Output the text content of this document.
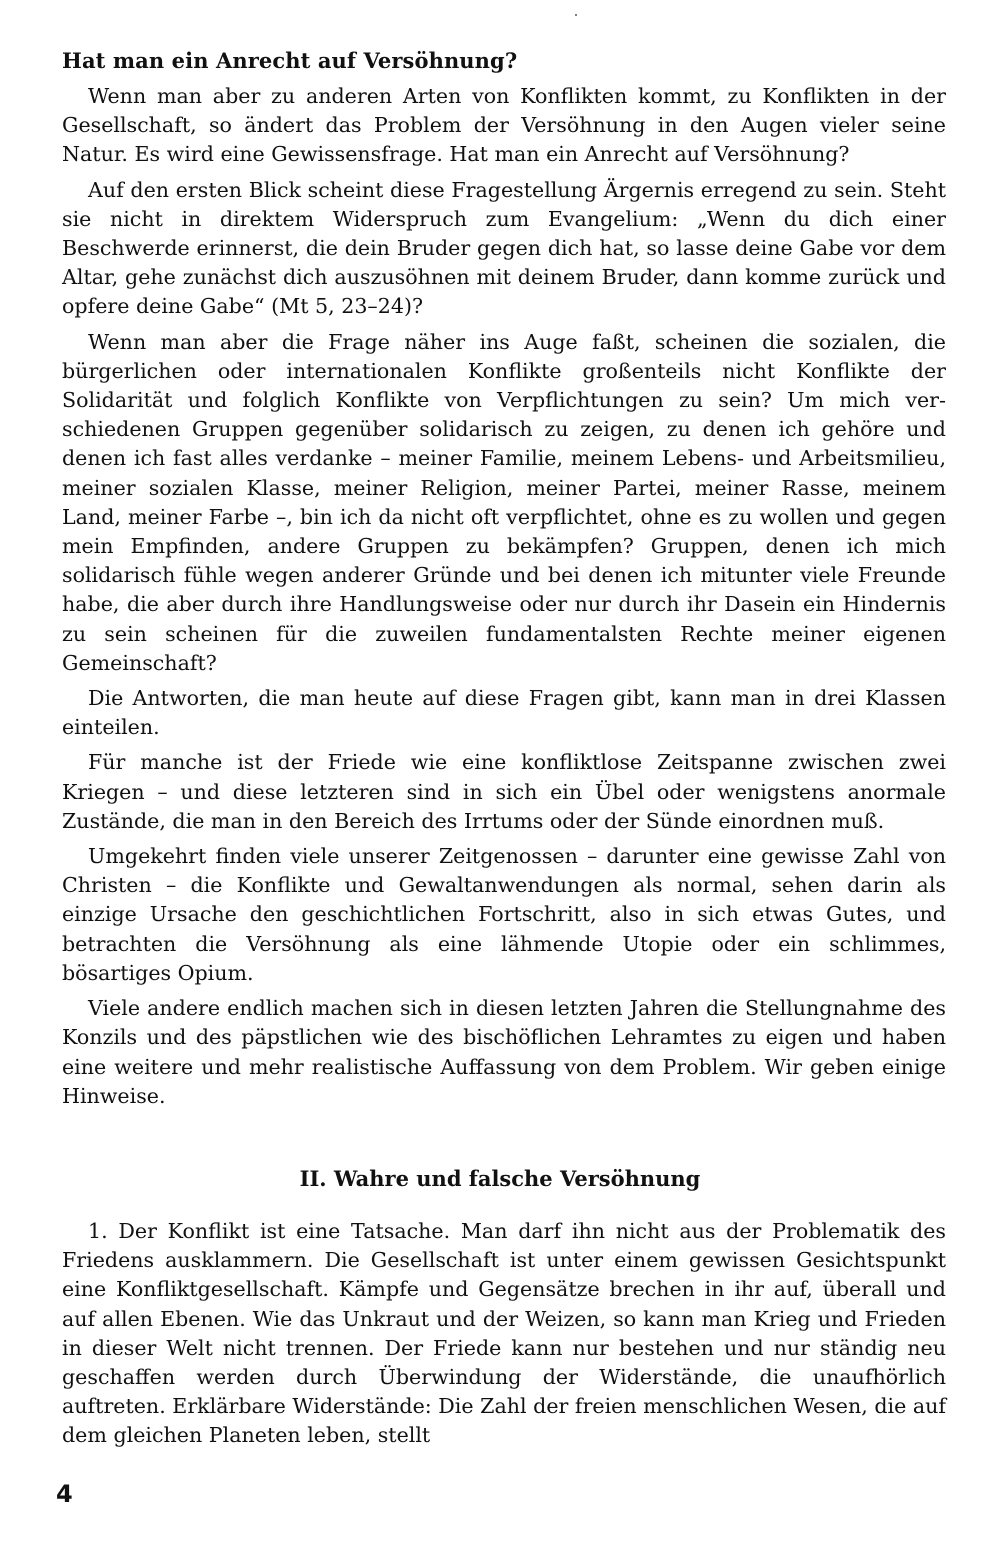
Hat man ein Anrecht auf Versöhnung?

Wenn man aber zu anderen Arten von Konflikten kommt, zu Konflikten in der Gesellschaft, so ändert das Problem der Versöhnung in den Augen vieler seine Natur. Es wird eine Gewissensfrage. Hat man ein Anrecht auf Versöhnung?

Auf den ersten Blick scheint diese Fragestellung Ärgernis erregend zu sein. Steht sie nicht in direktem Widerspruch zum Evangelium: „Wenn du dich einer Beschwerde erinnerst, die dein Bruder gegen dich hat, so lasse deine Gabe vor dem Altar, gehe zunächst dich auszusöhnen mit deinem Bruder, dann komme zurück und opfere deine Gabe“ (Mt 5, 23–24)?

Wenn man aber die Frage näher ins Auge faßt, scheinen die sozialen, die bürgerlichen oder internationalen Konflikte großenteils nicht Konflikte der Solidarität und folglich Konflikte von Verpflichtungen zu sein? Um mich verschiedenen Gruppen gegenüber solidarisch zu zeigen, zu denen ich gehöre und denen ich fast alles verdanke – meiner Familie, meinem Lebens- und Arbeitsmilieu, meiner sozialen Klasse, meiner Religion, meiner Partei, meiner Rasse, meinem Land, meiner Farbe –, bin ich da nicht oft verpflichtet, ohne es zu wollen und gegen mein Empfinden, andere Gruppen zu bekämpfen? Gruppen, denen ich mich solidarisch fühle wegen anderer Gründe und bei denen ich mitunter viele Freunde habe, die aber durch ihre Handlungsweise oder nur durch ihr Dasein ein Hindernis zu sein scheinen für die zuweilen fundamentalsten Rechte meiner eigenen Gemeinschaft?

Die Antworten, die man heute auf diese Fragen gibt, kann man in drei Klassen einteilen.

Für manche ist der Friede wie eine konfliktlose Zeitspanne zwischen zwei Kriegen – und diese letzteren sind in sich ein Übel oder wenigstens anormale Zustände, die man in den Bereich des Irrtums oder der Sünde einordnen muß.

Umgekehrt finden viele unserer Zeitgenossen – darunter eine gewisse Zahl von Christen – die Konflikte und Gewaltanwendungen als normal, sehen darin als einzige Ursache den geschichtlichen Fortschritt, also in sich etwas Gutes, und betrachten die Versöhnung als eine lähmende Utopie oder ein schlimmes, bösartiges Opium.

Viele andere endlich machen sich in diesen letzten Jahren die Stellungnahme des Konzils und des päpstlichen wie des bischöflichen Lehramtes zu eigen und haben eine weitere und mehr realistische Auffassung von dem Problem. Wir geben einige Hinweise.

II. Wahre und falsche Versöhnung

1. Der Konflikt ist eine Tatsache. Man darf ihn nicht aus der Problematik des Friedens ausklammern. Die Gesellschaft ist unter einem gewissen Gesichtspunkt eine Konfliktgesellschaft. Kämpfe und Gegensätze brechen in ihr auf, überall und auf allen Ebenen. Wie das Unkraut und der Weizen, so kann man Krieg und Frieden in dieser Welt nicht trennen. Der Friede kann nur bestehen und nur ständig neu geschaffen werden durch Überwindung der Widerstände, die unaufhörlich auftreten. Erklärbare Widerstände: Die Zahl der freien menschlichen Wesen, die auf dem gleichen Planeten leben, stellt

4
